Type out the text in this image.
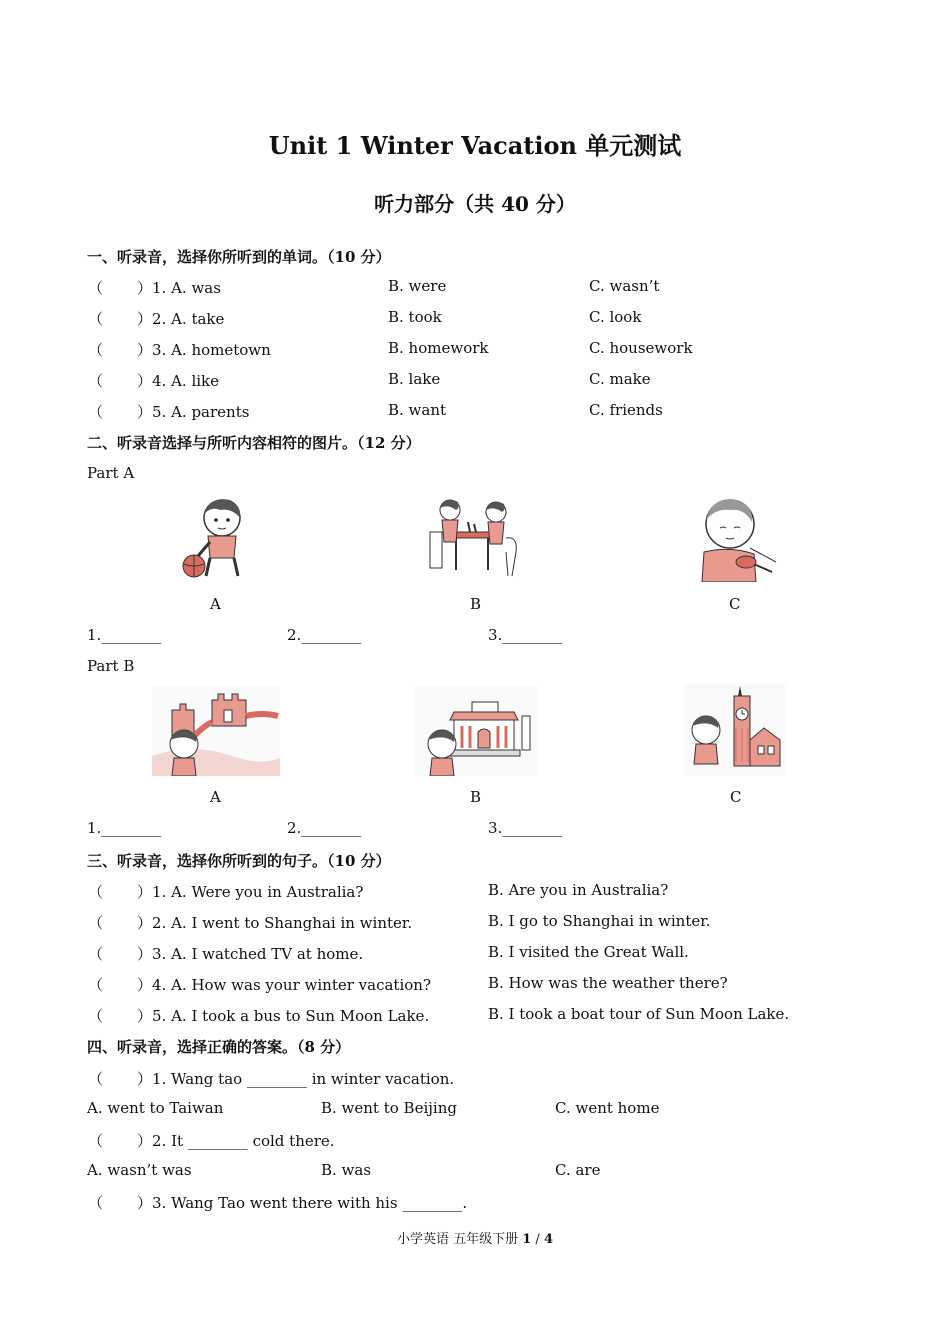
Unit 1 Winter Vacation 单元测试
听力部分（共 40 分）
一、听录音，选择你所听到的单词。（10 分）
（ ）1. A. was	B. were	C. wasn’t
（ ）2. A. take	B. took	C. look
（ ）3. A. hometown	B. homework	C. housework
（ ）4. A. like	B. lake	C. make
（ ）5. A. parents	B. want	C. friends
二、听录音选择与所听内容相符的图片。（12 分）
Part A
A	B	C
1.________	2.________	3.________
Part B
A	B	C
1.________	2.________	3.________
三、听录音，选择你所听到的句子。（10 分）
（ ）1. A. Were you in Australia?	B. Are you in Australia?
（ ）2. A. I went to Shanghai in winter.	B. I go to Shanghai in winter.
（ ）3. A. I watched TV at home.	B. I visited the Great Wall.
（ ）4. A. How was your winter vacation?	B. How was the weather there?
（ ）5. A. I took a bus to Sun Moon Lake.	B. I took a boat tour of Sun Moon Lake.
四、听录音，选择正确的答案。（8 分）
（ ）1. Wang tao ________ in winter vacation.
A. went to Taiwan	B. went to Beijing	C. went home
（ ）2. It ________ cold there.
A. wasn’t was	B. was	C. are
（ ）3. Wang Tao went there with his ________.
小学英语 五年级下册 1 / 4
